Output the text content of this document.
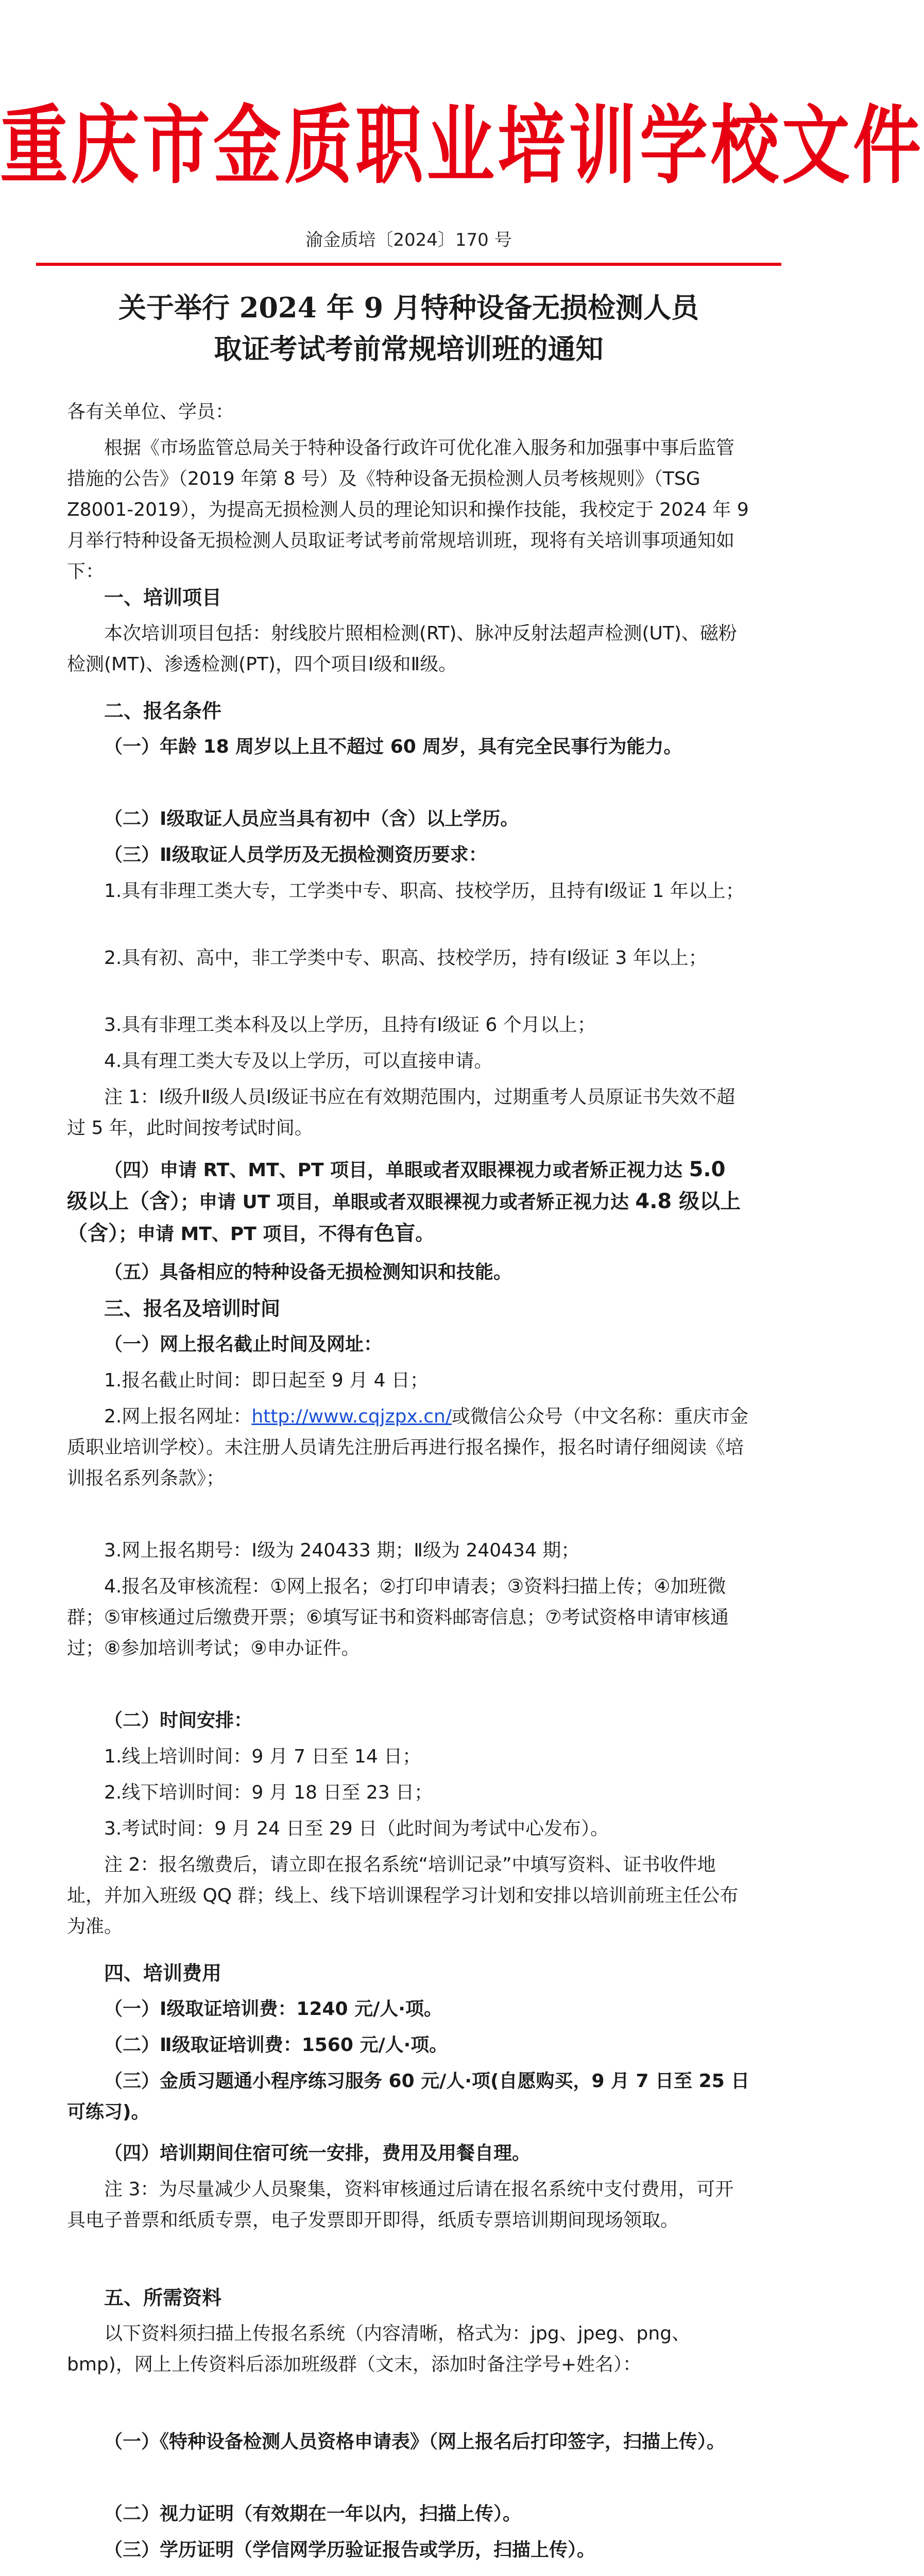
重庆市金质职业培训学校文件
渝金质培〔2024〕170 号
关于举行 2024 年 9 月特种设备无损检测人员
取证考试考前常规培训班的通知
各有关单位、学员：
根据《市场监管总局关于特种设备行政许可优化准入服务和加强事中事后监管措施的公告》（2019 年第 8 号）及《特种设备无损检测人员考核规则》（TSG Z8001-2019），为提高无损检测人员的理论知识和操作技能，我校定于 2024 年 9 月举行特种设备无损检测人员取证考试考前常规培训班，现将有关培训事项通知如下：
一、培训项目
本次培训项目包括：射线胶片照相检测(RT)、脉冲反射法超声检测(UT)、磁粉检测(MT)、渗透检测(PT)，四个项目Ⅰ级和Ⅱ级。
二、报名条件
（一）年龄 18 周岁以上且不超过 60 周岁，具有完全民事行为能力。
（二）Ⅰ级取证人员应当具有初中（含）以上学历。
（三）Ⅱ级取证人员学历及无损检测资历要求：
1.具有非理工类大专，工学类中专、职高、技校学历，且持有Ⅰ级证 1 年以上；
2.具有初、高中，非工学类中专、职高、技校学历，持有Ⅰ级证 3 年以上；
3.具有非理工类本科及以上学历，且持有Ⅰ级证 6 个月以上；
4.具有理工类大专及以上学历，可以直接申请。
注 1：Ⅰ级升Ⅱ级人员Ⅰ级证书应在有效期范围内，过期重考人员原证书失效不超过 5 年，此时间按考试时间。
（四）申请 RT、MT、PT 项目，单眼或者双眼裸视力或者矫正视力达 5.0 级以上（含）；申请 UT 项目，单眼或者双眼裸视力或者矫正视力达 4.8 级以上（含）；申请 MT、PT 项目，不得有色盲。
（五）具备相应的特种设备无损检测知识和技能。
三、报名及培训时间
（一）网上报名截止时间及网址：
1.报名截止时间：即日起至 9 月 4 日；
2.网上报名网址：http://www.cqjzpx.cn/或微信公众号（中文名称：重庆市金质职业培训学校）。未注册人员请先注册后再进行报名操作，报名时请仔细阅读《培训报名系列条款》；
3.网上报名期号：Ⅰ级为 240433 期；Ⅱ级为 240434 期；
4.报名及审核流程：①网上报名；②打印申请表；③资料扫描上传；④加班微群；⑤审核通过后缴费开票；⑥填写证书和资料邮寄信息；⑦考试资格申请审核通过；⑧参加培训考试；⑨申办证件。
（二）时间安排：
1.线上培训时间：9 月 7 日至 14 日；
2.线下培训时间：9 月 18 日至 23 日；
3.考试时间：9 月 24 日至 29 日（此时间为考试中心发布）。
注 2：报名缴费后，请立即在报名系统“培训记录”中填写资料、证书收件地址，并加入班级 QQ 群；线上、线下培训课程学习计划和安排以培训前班主任公布为准。
四、培训费用
（一）Ⅰ级取证培训费：1240 元/人·项。
（二）Ⅱ级取证培训费：1560 元/人·项。
（三）金质习题通小程序练习服务 60 元/人·项(自愿购买，9 月 7 日至 25 日可练习)。
（四）培训期间住宿可统一安排，费用及用餐自理。
注 3：为尽量减少人员聚集，资料审核通过后请在报名系统中支付费用，可开具电子普票和纸质专票，电子发票即开即得，纸质专票培训期间现场领取。
五、所需资料
以下资料须扫描上传报名系统（内容清晰，格式为：jpg、jpeg、png、bmp)，网上上传资料后添加班级群（文末，添加时备注学号+姓名）：
（一）《特种设备检测人员资格申请表》（网上报名后打印签字，扫描上传）。
（二）视力证明（有效期在一年以内，扫描上传）。
（三）学历证明（学信网学历验证报告或学历，扫描上传）。
